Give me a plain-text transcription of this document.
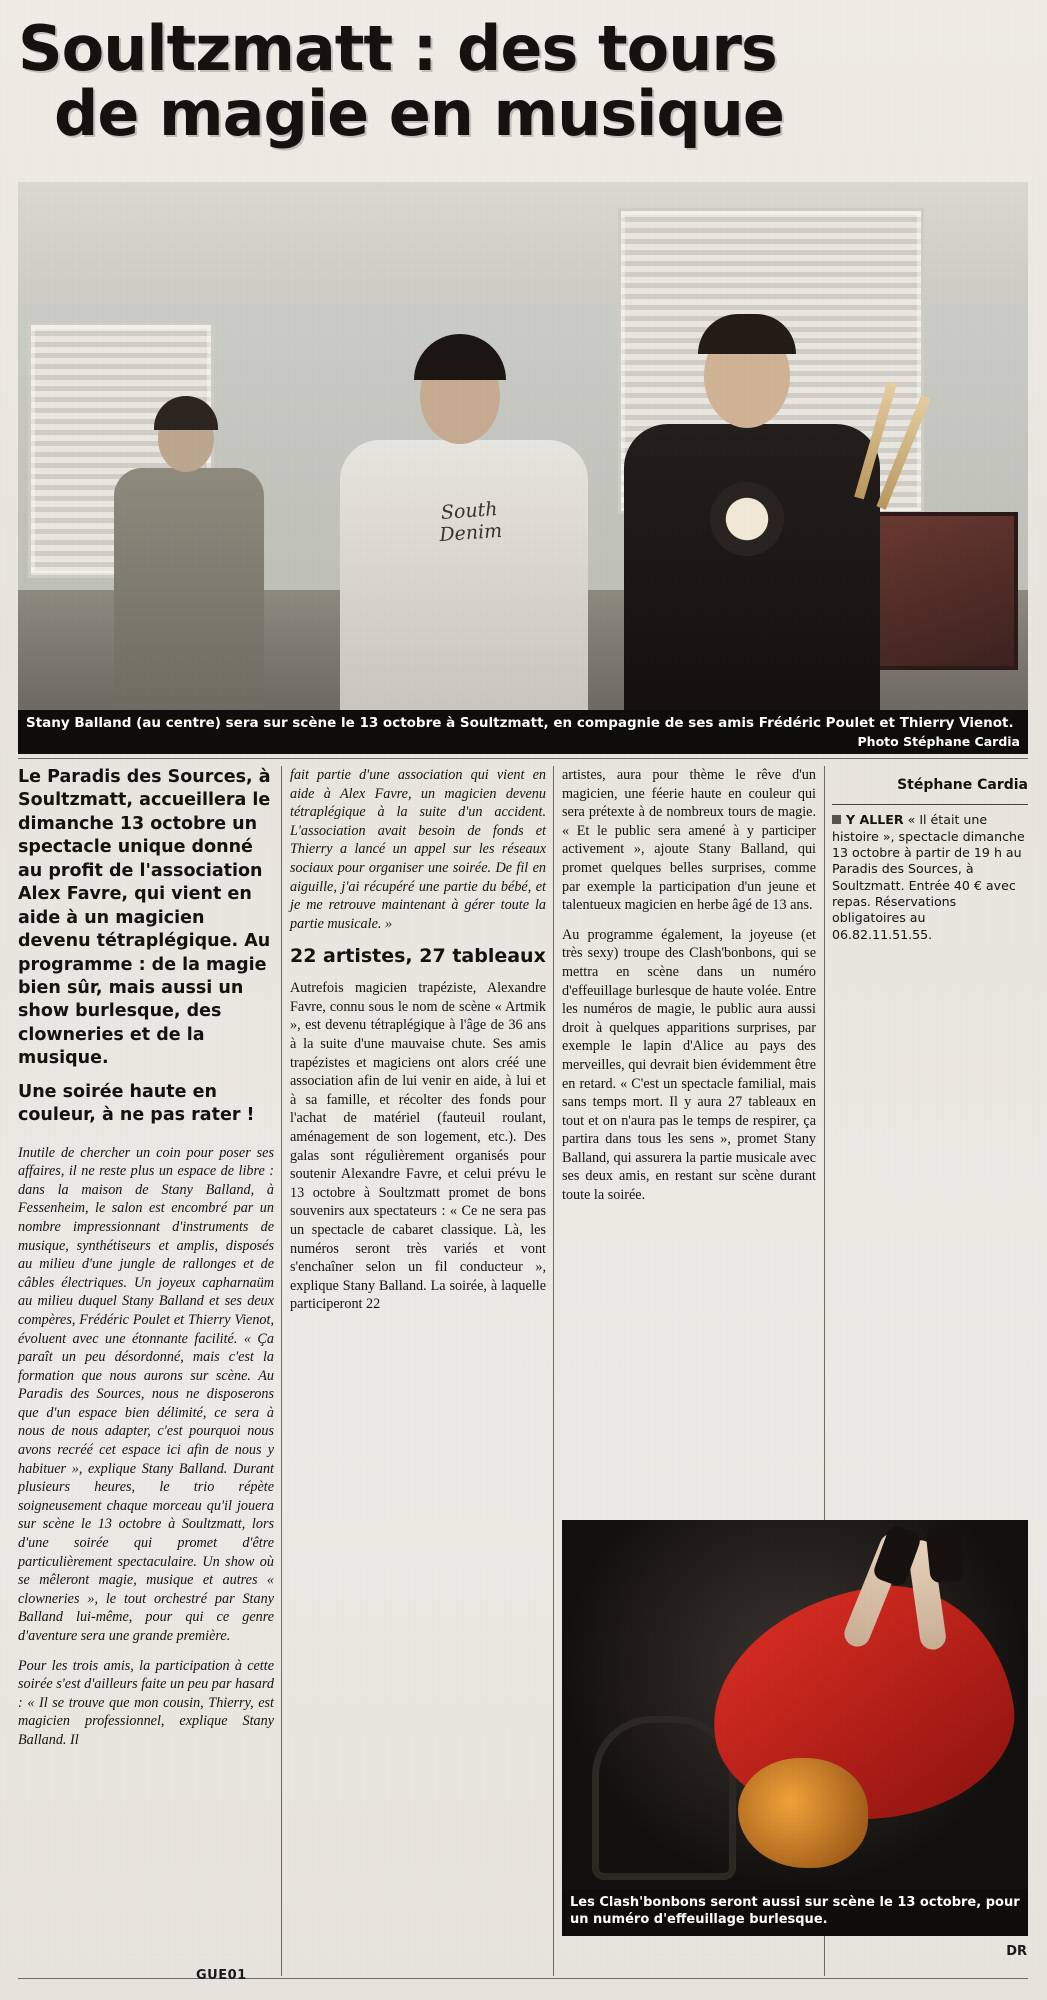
Soultzmatt : des tours
de magie en musique
South Denim
Stany Balland (au centre) sera sur scène le 13 octobre à Soultzmatt, en compagnie de ses amis Frédéric Poulet et Thierry Vienot.
Photo Stéphane Cardia
Le Paradis des Sources, à Soultzmatt, accueillera le dimanche 13 octobre un spectacle unique donné au profit de l'association Alex Favre, qui vient en aide à un magicien devenu tétraplégique. Au programme : de la magie bien sûr, mais aussi un show burlesque, des clowneries et de la musique.
Une soirée haute en couleur, à ne pas rater !

Inutile de chercher un coin pour poser ses affaires, il ne reste plus un espace de libre : dans la maison de Stany Balland, à Fessenheim, le salon est encombré par un nombre impressionnant d'instruments de musique, synthétiseurs et amplis, disposés au milieu d'une jungle de rallonges et de câbles électriques. Un joyeux capharnaüm au milieu duquel Stany Balland et ses deux compères, Frédéric Poulet et Thierry Vienot, évoluent avec une étonnante facilité. « Ça paraît un peu désordonné, mais c'est la formation que nous aurons sur scène. Au Paradis des Sources, nous ne disposerons que d'un espace bien délimité, ce sera à nous de nous adapter, c'est pourquoi nous avons recréé cet espace ici afin de nous y habituer », explique Stany Balland. Durant plusieurs heures, le trio répète soigneusement chaque morceau qu'il jouera sur scène le 13 octobre à Soultzmatt, lors d'une soirée qui promet d'être particulièrement spectaculaire. Un show où se mêleront magie, musique et autres « clowneries », le tout orchestré par Stany Balland lui-même, pour qui ce genre d'aventure sera une grande première.

Pour les trois amis, la participation à cette soirée s'est d'ailleurs faite un peu par hasard : « Il se trouve que mon cousin, Thierry, est magicien professionnel, explique Stany Balland. Il

fait partie d'une association qui vient en aide à Alex Favre, un magicien devenu tétraplégique à la suite d'un accident. L'association avait besoin de fonds et Thierry a lancé un appel sur les réseaux sociaux pour organiser une soirée. De fil en aiguille, j'ai récupéré une partie du bébé, et je me retrouve maintenant à gérer toute la partie musicale. »

22 artistes, 27 tableaux

Autrefois magicien trapéziste, Alexandre Favre, connu sous le nom de scène « Artmik », est devenu tétraplégique à l'âge de 36 ans à la suite d'une mauvaise chute. Ses amis trapézistes et magiciens ont alors créé une association afin de lui venir en aide, à lui et à sa famille, et récolter des fonds pour l'achat de matériel (fauteuil roulant, aménagement de son logement, etc.). Des galas sont régulièrement organisés pour soutenir Alexandre Favre, et celui prévu le 13 octobre à Soultzmatt promet de bons souvenirs aux spectateurs : « Ce ne sera pas un spectacle de cabaret classique. Là, les numéros seront très variés et vont s'enchaîner selon un fil conducteur », explique Stany Balland. La soirée, à laquelle participeront 22

artistes, aura pour thème le rêve d'un magicien, une féerie haute en couleur qui sera prétexte à de nombreux tours de magie. « Et le public sera amené à y participer activement », ajoute Stany Balland, qui promet quelques belles surprises, comme par exemple la participation d'un jeune et talentueux magicien en herbe âgé de 13 ans.

Au programme également, la joyeuse (et très sexy) troupe des Clash'bonbons, qui se mettra en scène dans un numéro d'effeuillage burlesque de haute volée. Entre les numéros de magie, le public aura aussi droit à quelques apparitions surprises, par exemple le lapin d'Alice au pays des merveilles, qui devrait bien évidemment être en retard. « C'est un spectacle familial, mais sans temps mort. Il y aura 27 tableaux en tout et on n'aura pas le temps de respirer, ça partira dans tous les sens », promet Stany Balland, qui assurera la partie musicale avec ses deux amis, en restant sur scène durant toute la soirée.

Stéphane Cardia
Y ALLER « Il était une histoire », spectacle dimanche 13 octobre à partir de 19 h au Paradis des Sources, à Soultzmatt. Entrée 40 € avec repas. Réservations obligatoires au 06.82.11.51.55.
Les Clash'bonbons seront aussi sur scène le 13 octobre, pour un numéro d'effeuillage burlesque.
DR
GUE01
